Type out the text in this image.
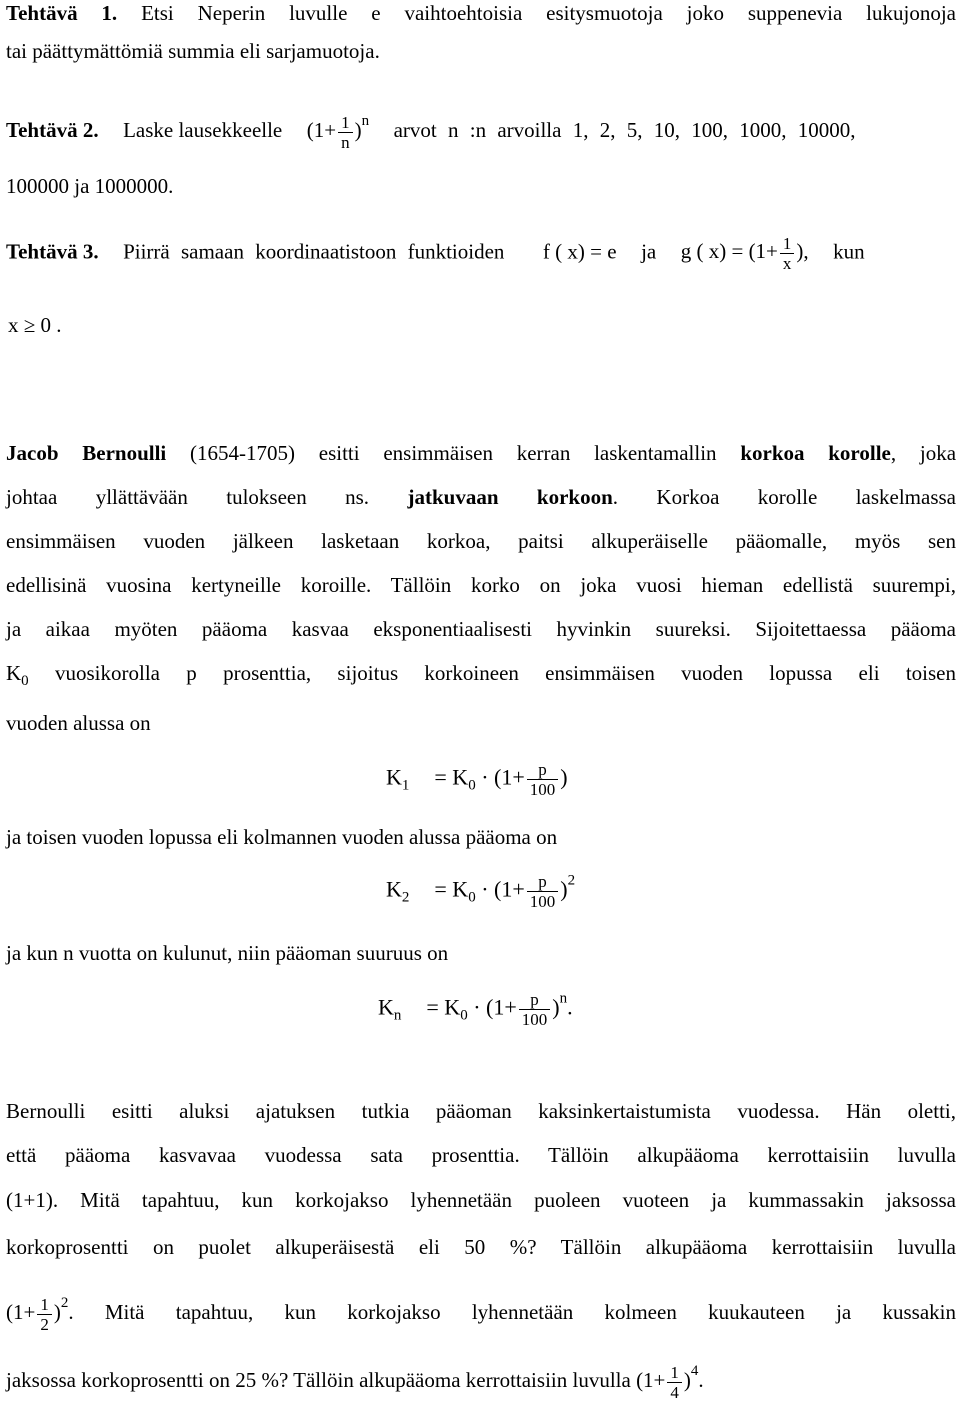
Tehtävä 1. Etsi Neperin luvulle e vaihtoehtoisia esitysmuotoja joko suppenevia lukujonoja
tai päättymättömiä summia eli sarjamuotoja.
Tehtävä 2. Laske lausekkeelle $(1+ \frac{1}{n} )^n$ arvot n :n arvoilla 1, 2, 5, 10, 100, 1000, 10000,
100000 ja 1000000.
Tehtävä 3. Piirrä samaan koordinaatistoon funktioiden f ( x) = e ja g ( $x) = (1+ \frac{1}{x}$ ), kun
x ≥ 0 .
Jacob Bernoulli (1654-1705) esitti ensimmäisen kerran laskentamallin korkoa korolle, joka
johtaa yllättävään tulokseen ns. jatkuvaan korkoon. Korkoa korolle laskelmassa
ensimmäisen vuoden jälkeen lasketaan korkoa, paitsi alkuperäiselle pääomalle, myös sen
edellisinä vuosina kertyneille koroille. Tällöin korko on joka vuosi hieman edellistä suurempi,
ja aikaa myöten pääoma kasvaa eksponentiaalisesti hyvinkin suureksi. Sijoitettaessa pääoma
$K_0$ vuosikorolla p prosenttia, sijoitus korkoineen ensimmäisen vuoden lopussa eli toisen
vuoden alussa on
$K_1 = K_0 \cdot (1+ \frac{p}{100}$ )
ja toisen vuoden lopussa eli kolmannen vuoden alussa pääoma on
$K_2 = K_0 \cdot (1+ \frac{p}{100} )^2$
ja kun n vuotta on kulunut, niin pääoman suuruus on
$K_n = K_0 \cdot (1+ \frac{p}{100} )^n$.
Bernoulli esitti aluksi ajatuksen tutkia pääoman kaksinkertaistumista vuodessa. Hän oletti,
että pääoma kasvavaa vuodessa sata prosenttia. Tällöin alkupääoma kerrottaisiin luvulla
(1+1). Mitä tapahtuu, kun korkojakso lyhennetään puoleen vuoteen ja kummassakin jaksossa
korkoprosentti on puolet alkuperäisestä eli 50 %? Tällöin alkupääoma kerrottaisiin luvulla
$(1+ \frac{1}{2} )^2$. Mitä tapahtuu, kun korkojakso lyhennetään kolmeen kuukauteen ja kussakin
jaksossa korkoprosentti on 25 %? Tällöin alkupääoma kerrottaisiin luvulla $(1+ \frac{1}{4} )^4$.
